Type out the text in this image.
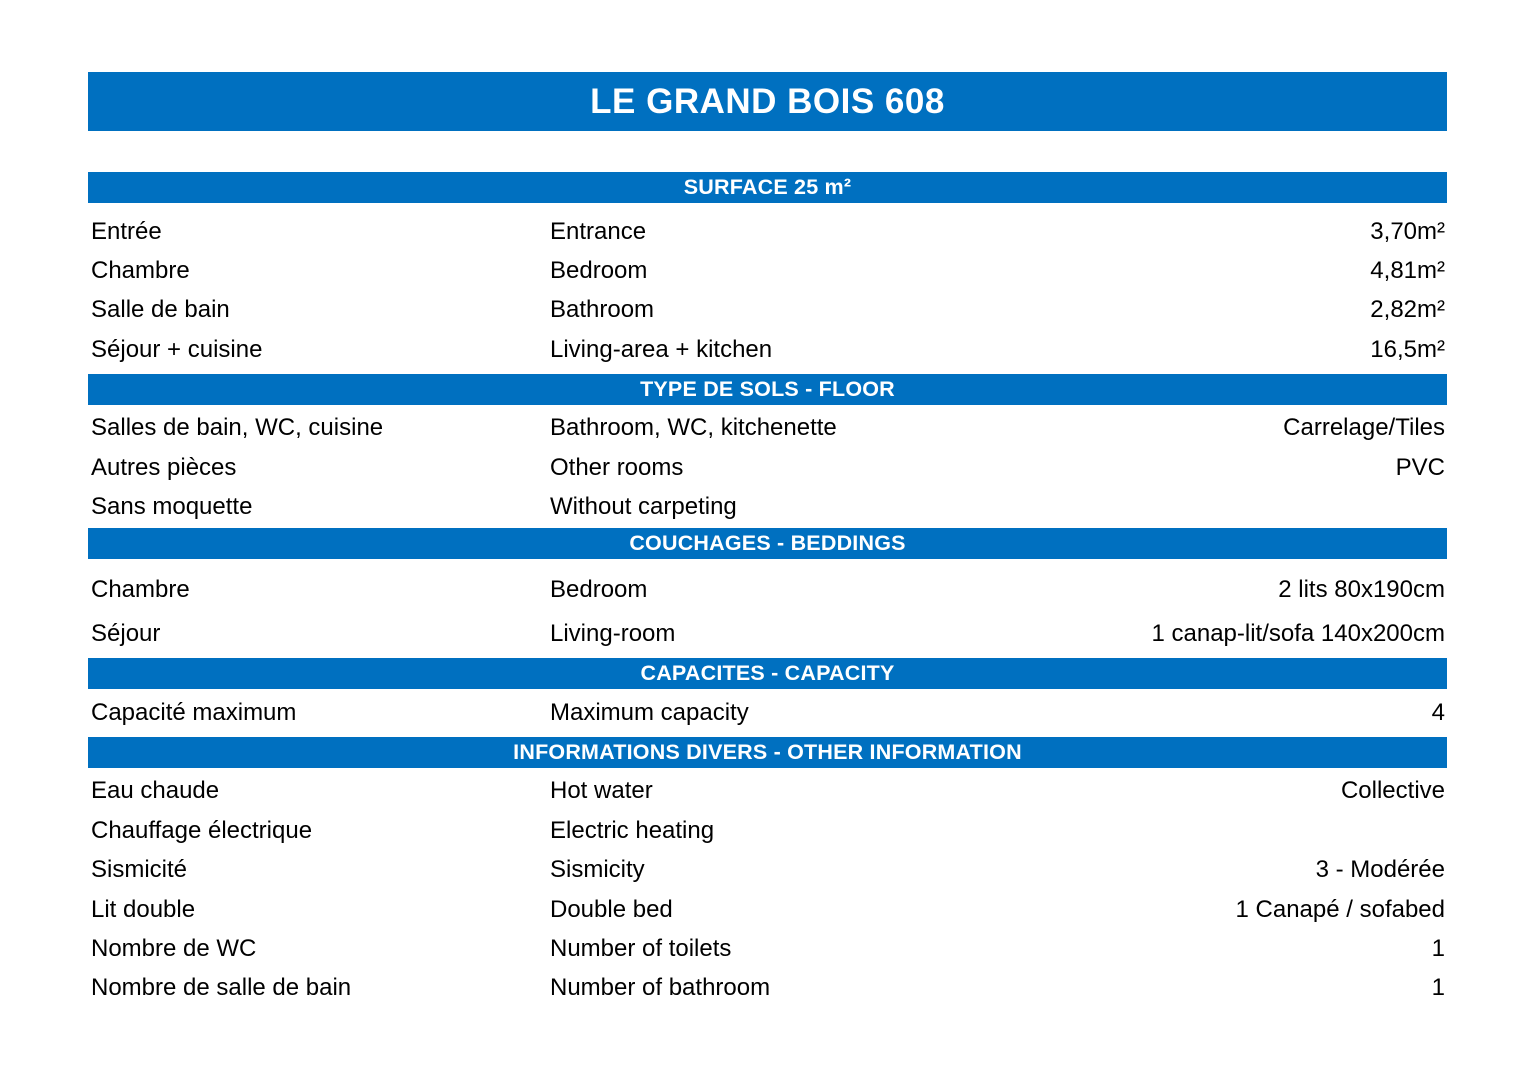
LE GRAND BOIS 608
SURFACE 25 m²
Entrée	Entrance	3,70m²
Chambre	Bedroom	4,81m²
Salle de bain	Bathroom	2,82m²
Séjour + cuisine	Living-area + kitchen	16,5m²
TYPE DE SOLS - FLOOR
Salles de bain, WC, cuisine	Bathroom, WC, kitchenette	Carrelage/Tiles
Autres pièces	Other rooms	PVC
Sans moquette	Without carpeting
COUCHAGES - BEDDINGS
Chambre	Bedroom	2 lits 80x190cm
Séjour	Living-room	1 canap-lit/sofa 140x200cm
CAPACITES - CAPACITY
Capacité maximum	Maximum capacity	4
INFORMATIONS DIVERS - OTHER INFORMATION
Eau chaude	Hot water	Collective
Chauffage électrique	Electric heating
Sismicité	Sismicity	3 - Modérée
Lit double	Double bed	1 Canapé / sofabed
Nombre de WC	Number of toilets	1
Nombre de salle de bain	Number of bathroom	1
